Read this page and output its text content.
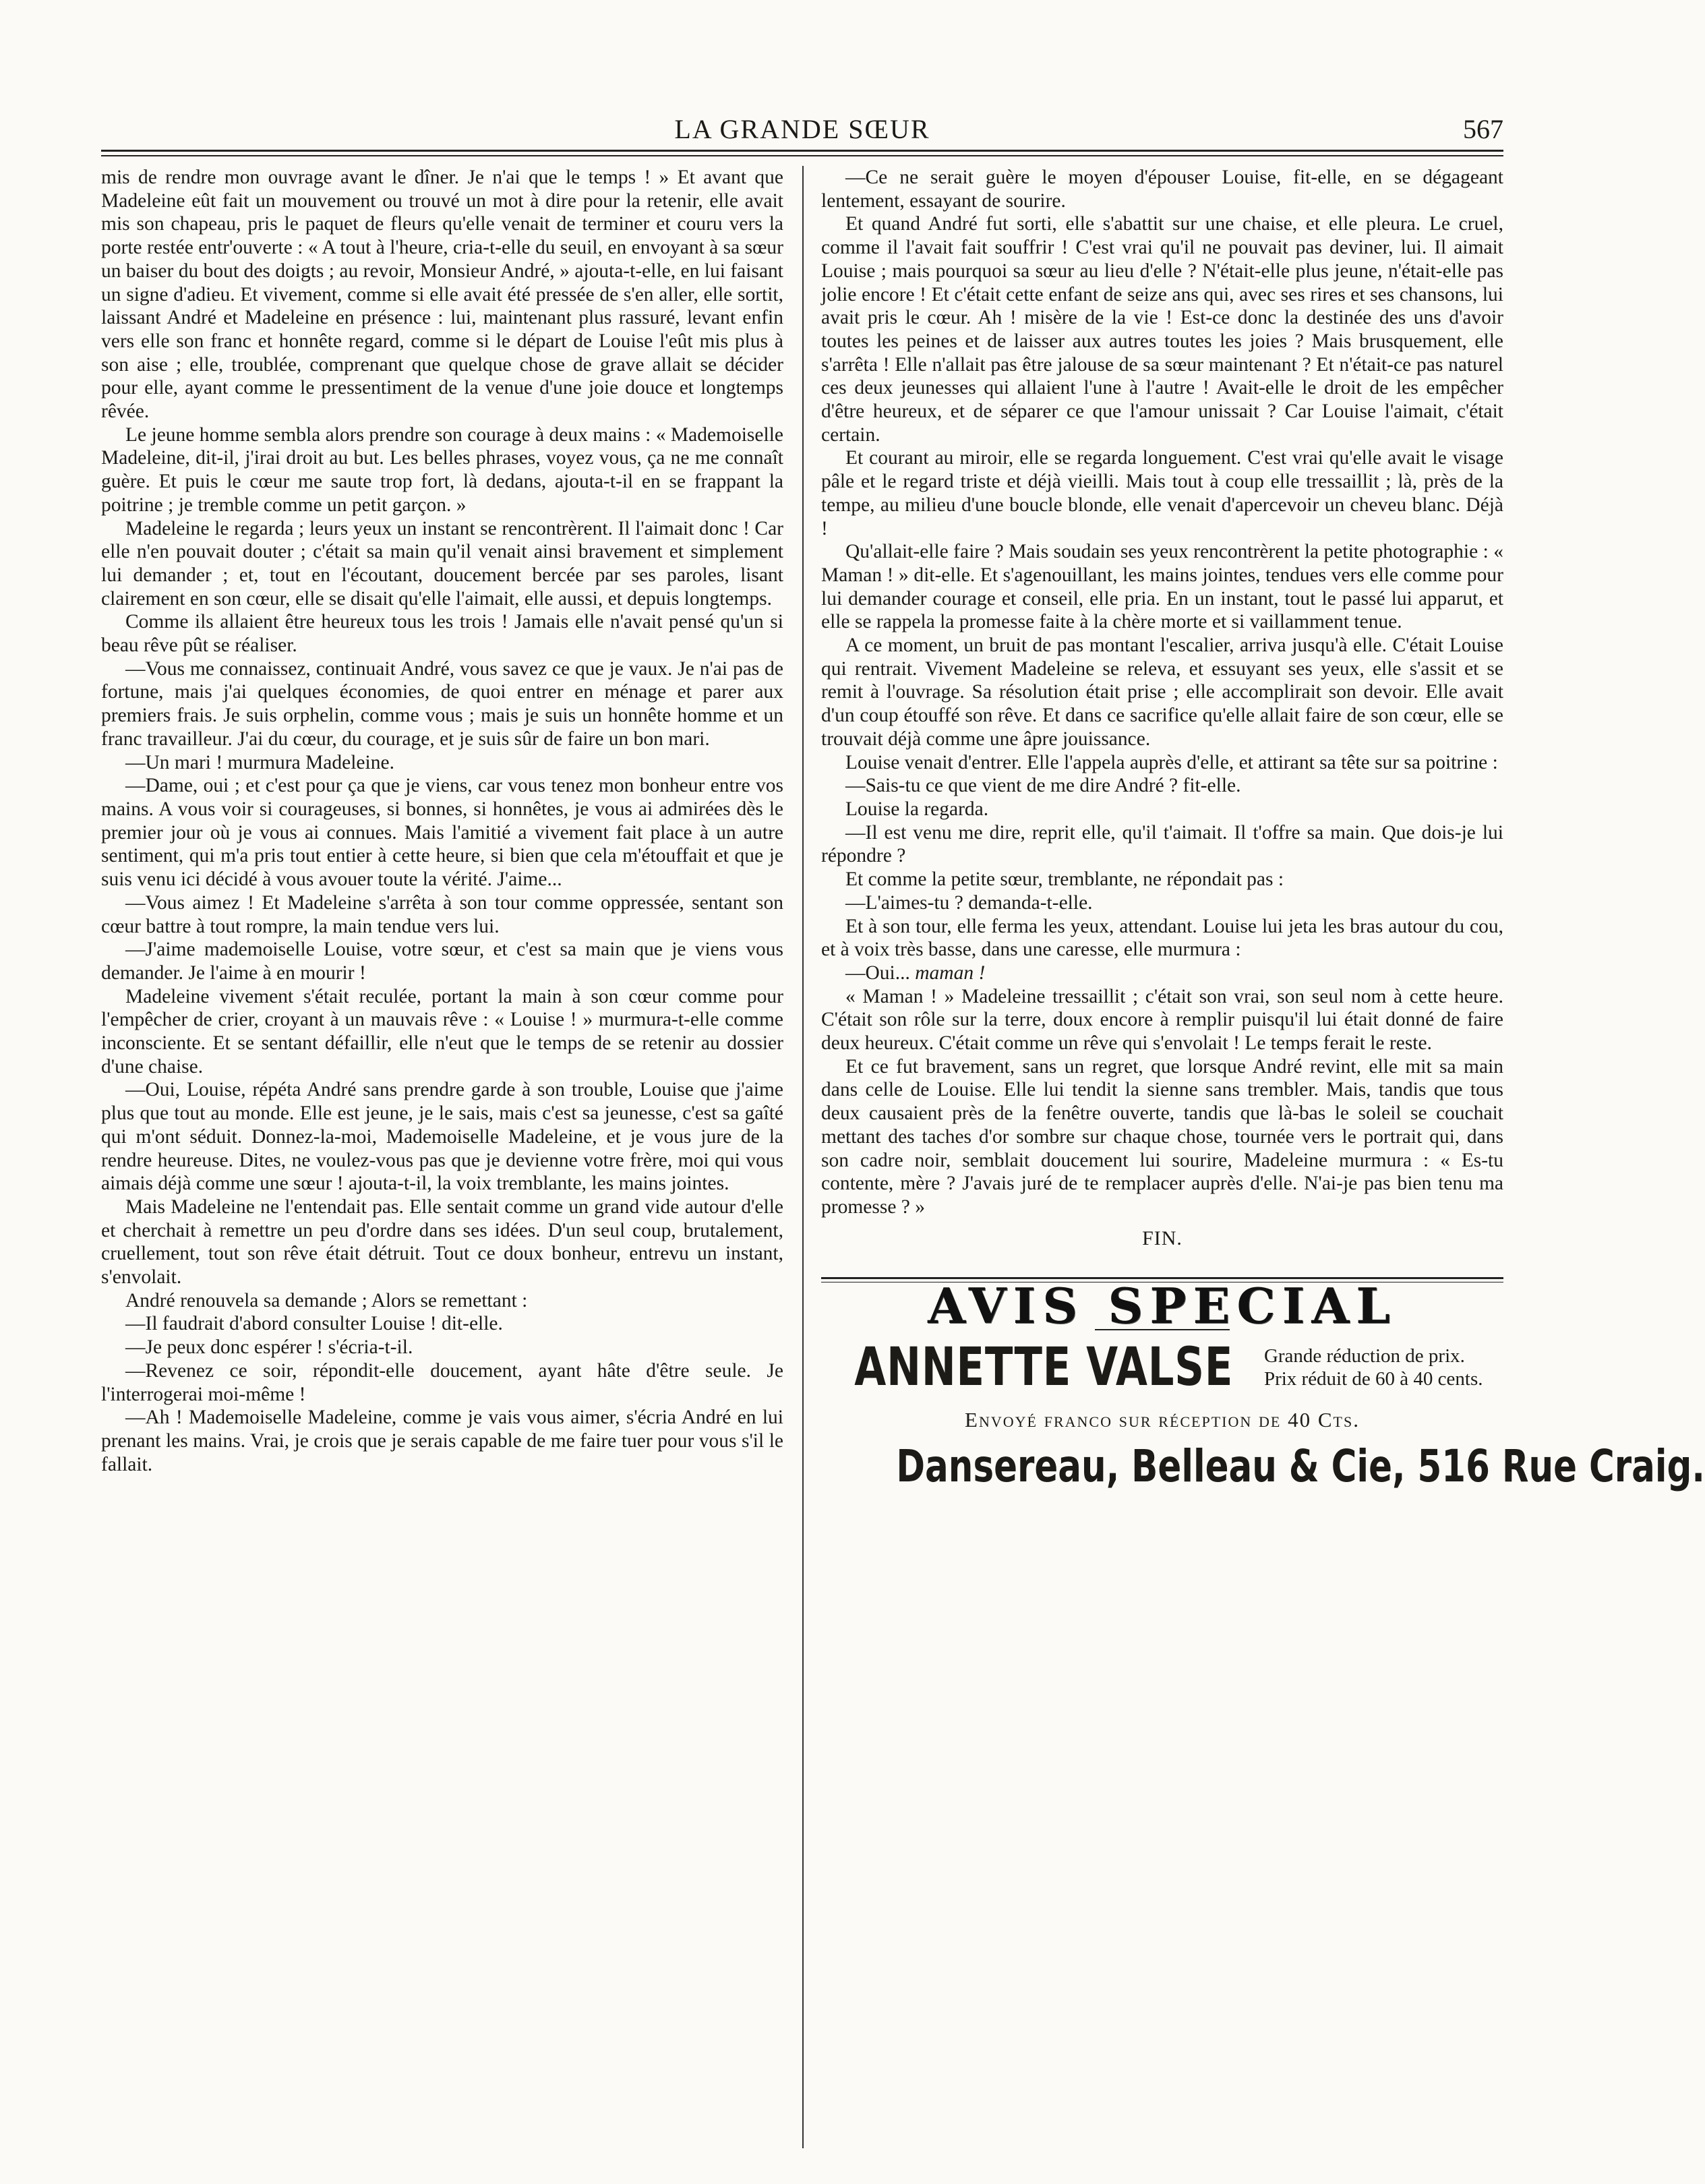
LA GRANDE SŒUR	567

mis de rendre mon ouvrage avant le dîner. Je n'ai que le temps ! » Et avant que Madeleine eût fait un mouvement ou trouvé un mot à dire pour la retenir, elle avait mis son chapeau, pris le paquet de fleurs qu'elle venait de terminer et couru vers la porte restée entr'ouverte : « A tout à l'heure, cria-t-elle du seuil, en envoyant à sa sœur un baiser du bout des doigts ; au revoir, Monsieur André, » ajouta-t-elle, en lui faisant un signe d'adieu. Et vivement, comme si elle avait été pressée de s'en aller, elle sortit, laissant André et Madeleine en présence : lui, maintenant plus rassuré, levant enfin vers elle son franc et honnête regard, comme si le départ de Louise l'eût mis plus à son aise ; elle, troublée, comprenant que quelque chose de grave allait se décider pour elle, ayant comme le pressentiment de la venue d'une joie douce et longtemps rêvée.

Le jeune homme sembla alors prendre son courage à deux mains : « Mademoiselle Madeleine, dit-il, j'irai droit au but. Les belles phrases, voyez vous, ça ne me connaît guère. Et puis le cœur me saute trop fort, là dedans, ajouta-t-il en se frappant la poitrine ; je tremble comme un petit garçon. »

Madeleine le regarda ; leurs yeux un instant se rencontrèrent. Il l'aimait donc ! Car elle n'en pouvait douter ; c'était sa main qu'il venait ainsi bravement et simplement lui demander ; et, tout en l'écoutant, doucement bercée par ses paroles, lisant clairement en son cœur, elle se disait qu'elle l'aimait, elle aussi, et depuis longtemps.

Comme ils allaient être heureux tous les trois ! Jamais elle n'avait pensé qu'un si beau rêve pût se réaliser.

—Vous me connaissez, continuait André, vous savez ce que je vaux. Je n'ai pas de fortune, mais j'ai quelques économies, de quoi entrer en ménage et parer aux premiers frais. Je suis orphelin, comme vous ; mais je suis un honnête homme et un franc travailleur. J'ai du cœur, du courage, et je suis sûr de faire un bon mari.

—Un mari ! murmura Madeleine.

—Dame, oui ; et c'est pour ça que je viens, car vous tenez mon bonheur entre vos mains. A vous voir si courageuses, si bonnes, si honnêtes, je vous ai admirées dès le premier jour où je vous ai connues. Mais l'amitié a vivement fait place à un autre sentiment, qui m'a pris tout entier à cette heure, si bien que cela m'étouffait et que je suis venu ici décidé à vous avouer toute la vérité. J'aime...

—Vous aimez ! Et Madeleine s'arrêta à son tour comme oppressée, sentant son cœur battre à tout rompre, la main tendue vers lui.

—J'aime mademoiselle Louise, votre sœur, et c'est sa main que je viens vous demander. Je l'aime à en mourir !

Madeleine vivement s'était reculée, portant la main à son cœur comme pour l'empêcher de crier, croyant à un mauvais rêve : « Louise ! » murmura-t-elle comme inconsciente. Et se sentant défaillir, elle n'eut que le temps de se retenir au dossier d'une chaise.

—Oui, Louise, répéta André sans prendre garde à son trouble, Louise que j'aime plus que tout au monde. Elle est jeune, je le sais, mais c'est sa jeunesse, c'est sa gaîté qui m'ont séduit. Donnez-la-moi, Mademoiselle Madeleine, et je vous jure de la rendre heureuse. Dites, ne voulez-vous pas que je devienne votre frère, moi qui vous aimais déjà comme une sœur ! ajouta-t-il, la voix tremblante, les mains jointes.

Mais Madeleine ne l'entendait pas. Elle sentait comme un grand vide autour d'elle et cherchait à remettre un peu d'ordre dans ses idées. D'un seul coup, brutalement, cruellement, tout son rêve était détruit. Tout ce doux bonheur, entrevu un instant, s'envolait.

André renouvela sa demande ; Alors se remettant :

—Il faudrait d'abord consulter Louise ! dit-elle.

—Je peux donc espérer ! s'écria-t-il.

—Revenez ce soir, répondit-elle doucement, ayant hâte d'être seule. Je l'interrogerai moi-même !

—Ah ! Mademoiselle Madeleine, comme je vais vous aimer, s'écria André en lui prenant les mains. Vrai, je crois que je serais capable de me faire tuer pour vous s'il le fallait.

—Ce ne serait guère le moyen d'épouser Louise, fit-elle, en se dégageant lentement, essayant de sourire.

Et quand André fut sorti, elle s'abattit sur une chaise, et elle pleura. Le cruel, comme il l'avait fait souffrir ! C'est vrai qu'il ne pouvait pas deviner, lui. Il aimait Louise ; mais pourquoi sa sœur au lieu d'elle ? N'était-elle plus jeune, n'était-elle pas jolie encore ! Et c'était cette enfant de seize ans qui, avec ses rires et ses chansons, lui avait pris le cœur. Ah ! misère de la vie ! Est-ce donc la destinée des uns d'avoir toutes les peines et de laisser aux autres toutes les joies ? Mais brusquement, elle s'arrêta ! Elle n'allait pas être jalouse de sa sœur maintenant ? Et n'était-ce pas naturel ces deux jeunesses qui allaient l'une à l'autre ! Avait-elle le droit de les empêcher d'être heureux, et de séparer ce que l'amour unissait ? Car Louise l'aimait, c'était certain.

Et courant au miroir, elle se regarda longuement. C'est vrai qu'elle avait le visage pâle et le regard triste et déjà vieilli. Mais tout à coup elle tressaillit ; là, près de la tempe, au milieu d'une boucle blonde, elle venait d'apercevoir un cheveu blanc. Déjà !

Qu'allait-elle faire ? Mais soudain ses yeux rencontrèrent la petite photographie : « Maman ! » dit-elle. Et s'agenouillant, les mains jointes, tendues vers elle comme pour lui demander courage et conseil, elle pria. En un instant, tout le passé lui apparut, et elle se rappela la promesse faite à la chère morte et si vaillamment tenue.

A ce moment, un bruit de pas montant l'escalier, arriva jusqu'à elle. C'était Louise qui rentrait. Vivement Madeleine se releva, et essuyant ses yeux, elle s'assit et se remit à l'ouvrage. Sa résolution était prise ; elle accomplirait son devoir. Elle avait d'un coup étouffé son rêve. Et dans ce sacrifice qu'elle allait faire de son cœur, elle se trouvait déjà comme une âpre jouissance.

Louise venait d'entrer. Elle l'appela auprès d'elle, et attirant sa tête sur sa poitrine :

—Sais-tu ce que vient de me dire André ? fit-elle.

Louise la regarda.

—Il est venu me dire, reprit elle, qu'il t'aimait. Il t'offre sa main. Que dois-je lui répondre ?

Et comme la petite sœur, tremblante, ne répondait pas :

—L'aimes-tu ? demanda-t-elle.

Et à son tour, elle ferma les yeux, attendant. Louise lui jeta les bras autour du cou, et à voix très basse, dans une caresse, elle murmura :

—Oui... maman !

« Maman ! » Madeleine tressaillit ; c'était son vrai, son seul nom à cette heure. C'était son rôle sur la terre, doux encore à remplir puisqu'il lui était donné de faire deux heureux. C'était comme un rêve qui s'envolait ! Le temps ferait le reste.

Et ce fut bravement, sans un regret, que lorsque André revint, elle mit sa main dans celle de Louise. Elle lui tendit la sienne sans trembler. Mais, tandis que tous deux causaient près de la fenêtre ouverte, tandis que là-bas le soleil se couchait mettant des taches d'or sombre sur chaque chose, tournée vers le portrait qui, dans son cadre noir, semblait doucement lui sourire, Madeleine murmura : « Es-tu contente, mère ? J'avais juré de te remplacer auprès d'elle. N'ai-je pas bien tenu ma promesse ? »

FIN.

AVIS SPECIAL
ANNETTE VALSE Grande réduction de prix.
Prix réduit de 60 à 40 cents.
Envoyé franco sur réception de 40 Cts.
Dansereau, Belleau & Cie, 516 Rue Craig.
